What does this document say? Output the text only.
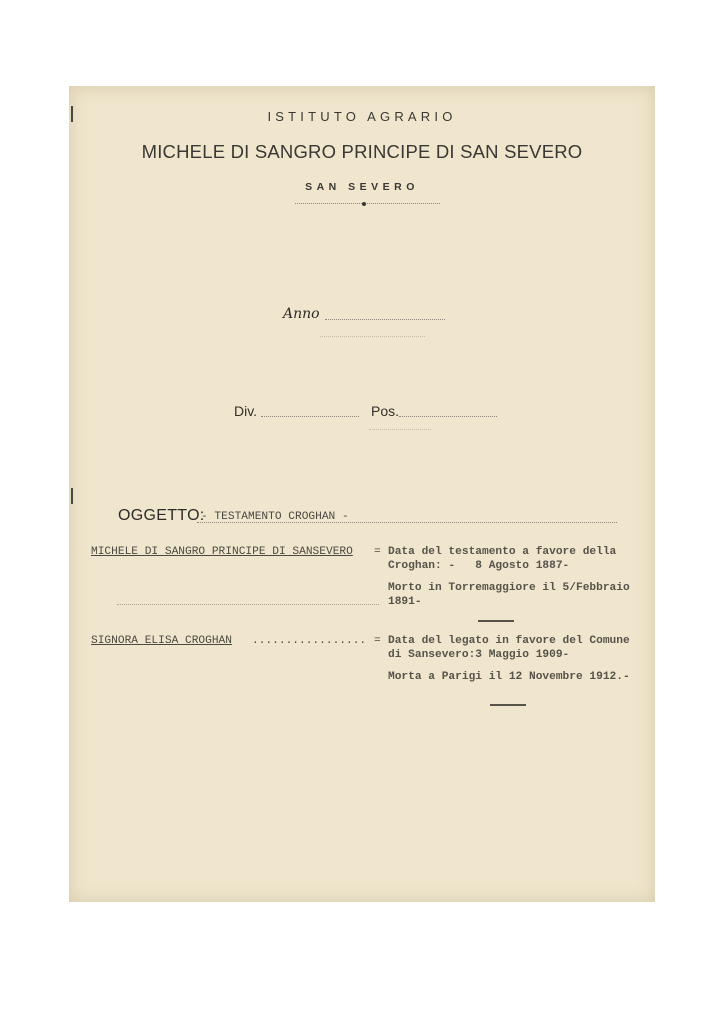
ISTITUTO AGRARIO
MICHELE DI SANGRO PRINCIPE DI SAN SEVERO
SAN SEVERO
Anno
Div.	Pos.
OGGETTO:
- TESTAMENTO CROGHAN -
MICHELE DI SANGRO PRINCIPE DI SANSEVERO = Data del testamento a favore della
Croghan: -   8 Agosto 1887-
Morto in Torremaggiore il 5/Febbraio
1891-
SIGNORA ELISA CROGHAN ................. = Data del legato in favore del Comune
di Sansevero:3 Maggio 1909-
Morta a Parigi il 12 Novembre 1912.-
